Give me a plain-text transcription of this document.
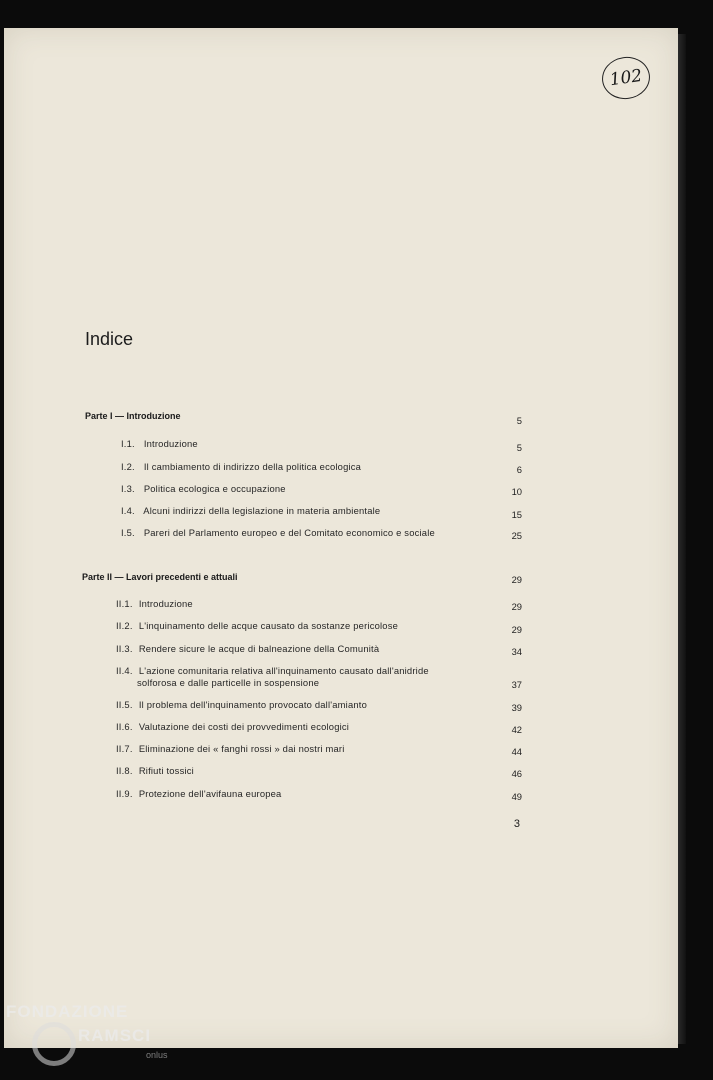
102
Indice
Parte I — Introduzione	5
I.1. Introduzione	5
I.2. Il cambiamento di indirizzo della politica ecologica	6
I.3. Politica ecologica e occupazione	10
I.4. Alcuni indirizzi della legislazione in materia ambientale	15
I.5. Pareri del Parlamento europeo e del Comitato economico e sociale	25
Parte II — Lavori precedenti e attuali	29
II.1. Introduzione	29
II.2. L'inquinamento delle acque causato da sostanze pericolose	29
II.3. Rendere sicure le acque di balneazione della Comunità	34
II.4. L'azione comunitaria relativa all'inquinamento causato dall'anidride
solforosa e dalle particelle in sospensione	37
II.5. Il problema dell'inquinamento provocato dall'amianto	39
II.6. Valutazione dei costi dei provvedimenti ecologici	42
II.7. Eliminazione dei « fanghi rossi » dai nostri mari	44
II.8. Rifiuti tossici	46
II.9. Protezione dell'avifauna europea	49
3
FONDAZIONE
RAMSCI
onlus
